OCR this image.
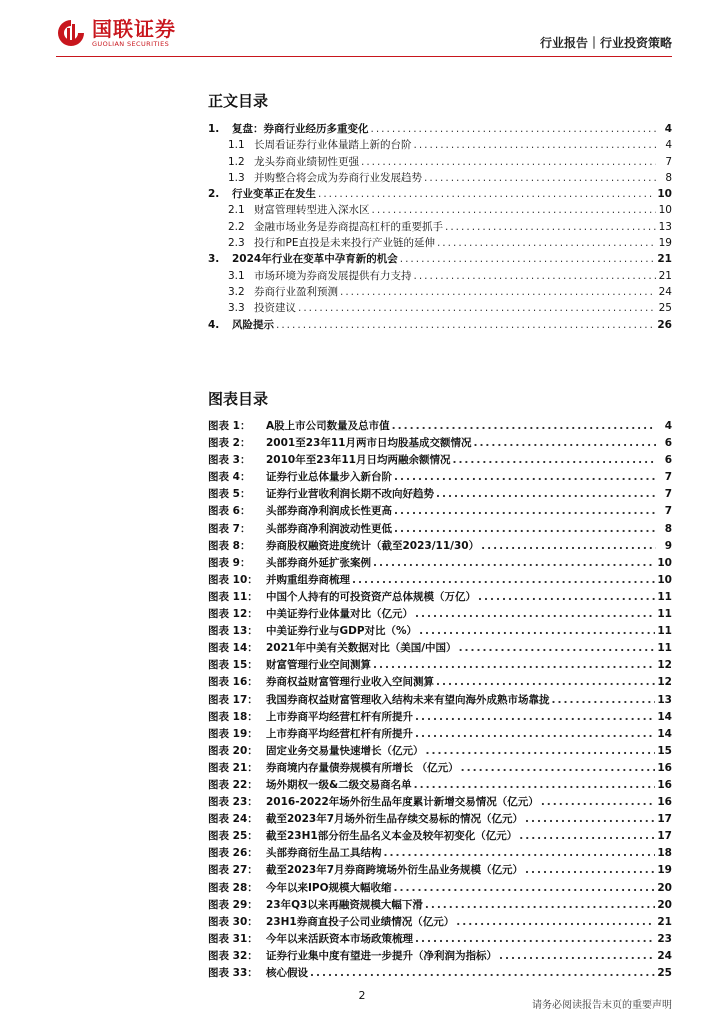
国联证券
GUOLIAN SECURITIES	行业报告｜行业投资策略
正文目录
1.	复盘：券商行业经历多重变化 .....	4
1.1 长周看证券行业体量踏上新的台阶 .....	4
1.2 龙头券商业绩韧性更强 .....	7
1.3 并购整合将会成为券商行业发展趋势 .....	8
2.	行业变革正在发生 .....	10
2.1 财富管理转型进入深水区 .....	10
2.2 金融市场业务是券商提高杠杆的重要抓手 .....	13
2.3 投行和PE直投是未来投行产业链的延伸 .....	19
3.	2024年行业在变革中孕育新的机会 .....	21
3.1 市场环境为券商发展提供有力支持 .....	21
3.2 券商行业盈利预测 .....	24
3.3 投资建议 .....	25
4.	风险提示 .....	26
图表目录
图表 1：	A股上市公司数量及总市值 .....	4
图表 2：	2001至23年11月两市日均股基成交额情况 .....	6
图表 3：	2010年至23年11月日均两融余额情况 .....	6
图表 4：	证券行业总体量步入新台阶 .....	7
图表 5：	证券行业营收利润长期不改向好趋势 .....	7
图表 6：	头部券商净利润成长性更高 .....	7
图表 7：	头部券商净利润波动性更低 .....	8
图表 8：	券商股权融资进度统计（截至2023/11/30） .....	9
图表 9：	头部券商外延扩张案例 .....	10
图表 10： 并购重组券商梳理 .....	10
图表 11： 中国个人持有的可投资资产总体规模（万亿） .....	11
图表 12： 中美证券行业体量对比（亿元） .....	11
图表 13： 中美证券行业与GDP对比（%） .....	11
图表 14： 2021年中美有关数据对比（美国/中国） .....	11
图表 15： 财富管理行业空间测算 .....	12
图表 16： 券商权益财富管理行业收入空间测算 .....	12
图表 17： 我国券商权益财富管理收入结构未来有望向海外成熟市场靠拢 .....	13
图表 18： 上市券商平均经营杠杆有所提升 .....	14
图表 19： 上市券商平均经营杠杆有所提升 .....	14
图表 20： 固定业务交易量快速增长（亿元） .....	15
图表 21： 券商境内存量债券规模有所增长 （亿元） .....	16
图表 22： 场外期权一级&二级交易商名单 .....	16
图表 23： 2016-2022年场外衍生品年度累计新增交易情况（亿元） .....	16
图表 24： 截至2023年7月场外衍生品存续交易标的情况（亿元） .....	17
图表 25： 截至23H1部分衍生品名义本金及较年初变化（亿元） .....	17
图表 26： 头部券商衍生品工具结构 .....	18
图表 27： 截至2023年7月券商跨境场外衍生品业务规模（亿元） .....	19
图表 28： 今年以来IPO规模大幅收缩 .....	20
图表 29： 23年Q3以来再融资规模大幅下滑 .....	20
图表 30： 23H1券商直投子公司业绩情况（亿元） .....	21
图表 31： 今年以来活跃资本市场政策梳理 .....	23
图表 32： 证券行业集中度有望进一步提升（净利润为指标） .....	24
图表 33： 核心假设 .....	25
2
请务必阅读报告末页的重要声明
